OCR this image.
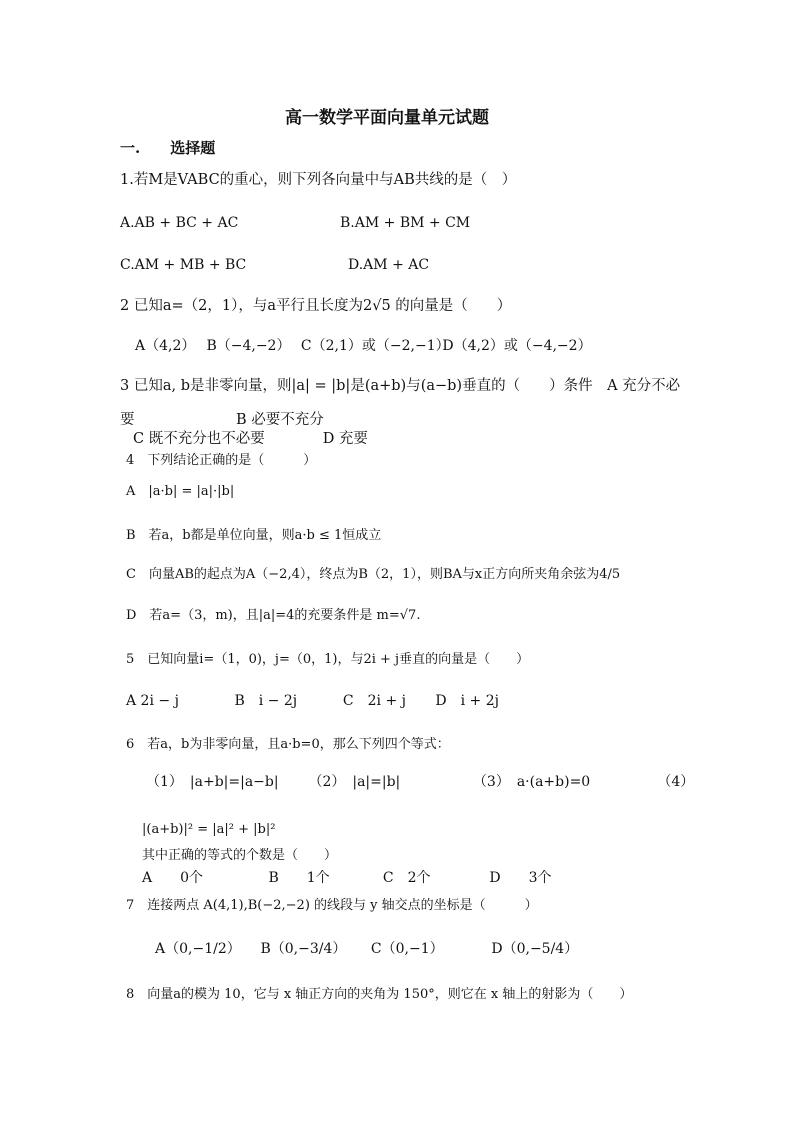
高一数学平面向量单元试题
一.　　选择题
1.若M是VABC的重心，则下列各向量中与AB共线的是（　）
A.AB + BC + AC	B.AM + BM + CM
C.AM + MB + BC	D.AM + AC
2 已知a=（2，1），与a平行且长度为2√5 的向量是（　　）
A（4,2） B（−4,−2） C（2,1）或（−2,−1） D（4,2）或（−4,−2）
3 已知a, b是非零向量，则|a| = |b|是(a+b)与(a−b)垂直的（　　）条件　A 充分不必
要　　　　　　　B 必要不充分
C 既不充分也不必要　　　　D 充要
4　下列结论正确的是（　　　）
A　|a·b| = |a|·|b|
B　若a，b都是单位向量，则a·b ≤ 1恒成立
C　向量AB的起点为A（−2,4），终点为B（2，1），则BA与x正方向所夹角余弦为4/5
D　若a=（3，m)，且|a|=4的充要条件是 m=√7.
5　已知向量i=（1，0)，j=（0，1)，与2i + j垂直的向量是（　　）
A 2i − j	B　i − 2j	C　2i + j D　i + 2j
6　若a，b为非零向量，且a·b=0，那么下列四个等式：
（1）　|a+b|=|a−b| （2）　|a|=|b|	（3）　a·(a+b)=0	（4）
|(a+b)|² = |a|² + |b|²
其中正确的等式的个数是（　　）
A　　0个	B　　1个	C　2个	D　　3个
7　连接两点 A(4,1),B(−2,−2) 的线段与 y 轴交点的坐标是（　　　）
A（0,−1/2） B（0,−3/4） C（0,−1）	D（0,−5/4）
8　向量a的模为 10，它与 x 轴正方向的夹角为 150°，则它在 x 轴上的射影为（　　）
